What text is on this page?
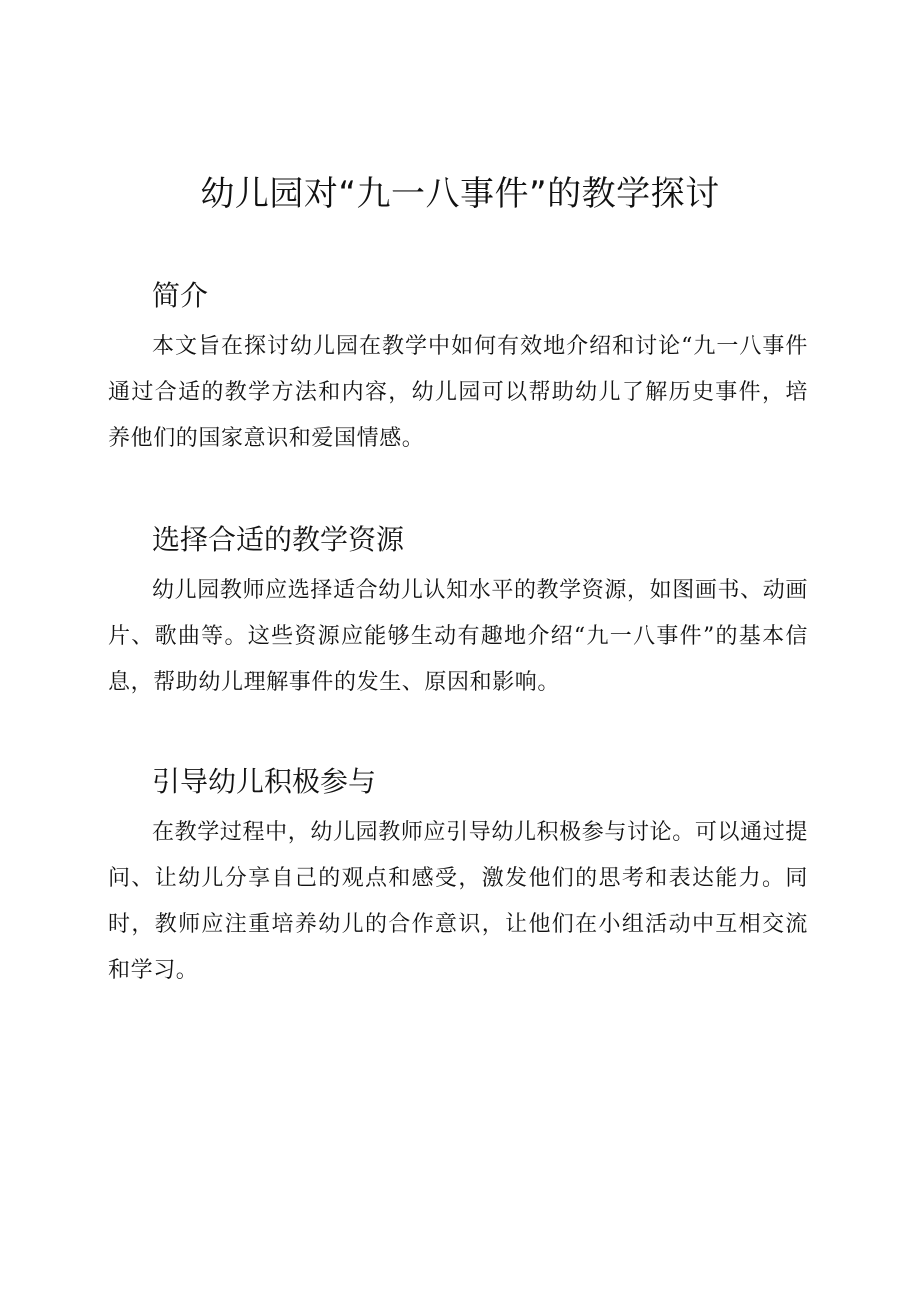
幼儿园对“九一八事件”的教学探讨
简介

本文旨在探讨幼儿园在教学中如何有效地介绍和讨论“九一八事件通过合适的教学方法和内容，幼儿园可以帮助幼儿了解历史事件，培养他们的国家意识和爱国情感。

选择合适的教学资源

幼儿园教师应选择适合幼儿认知水平的教学资源，如图画书、动画片、歌曲等。这些资源应能够生动有趣地介绍“九一八事件”的基本信息，帮助幼儿理解事件的发生、原因和影响。

引导幼儿积极参与

在教学过程中，幼儿园教师应引导幼儿积极参与讨论。可以通过提问、让幼儿分享自己的观点和感受，激发他们的思考和表达能力。同时，教师应注重培养幼儿的合作意识，让他们在小组活动中互相交流和学习。
